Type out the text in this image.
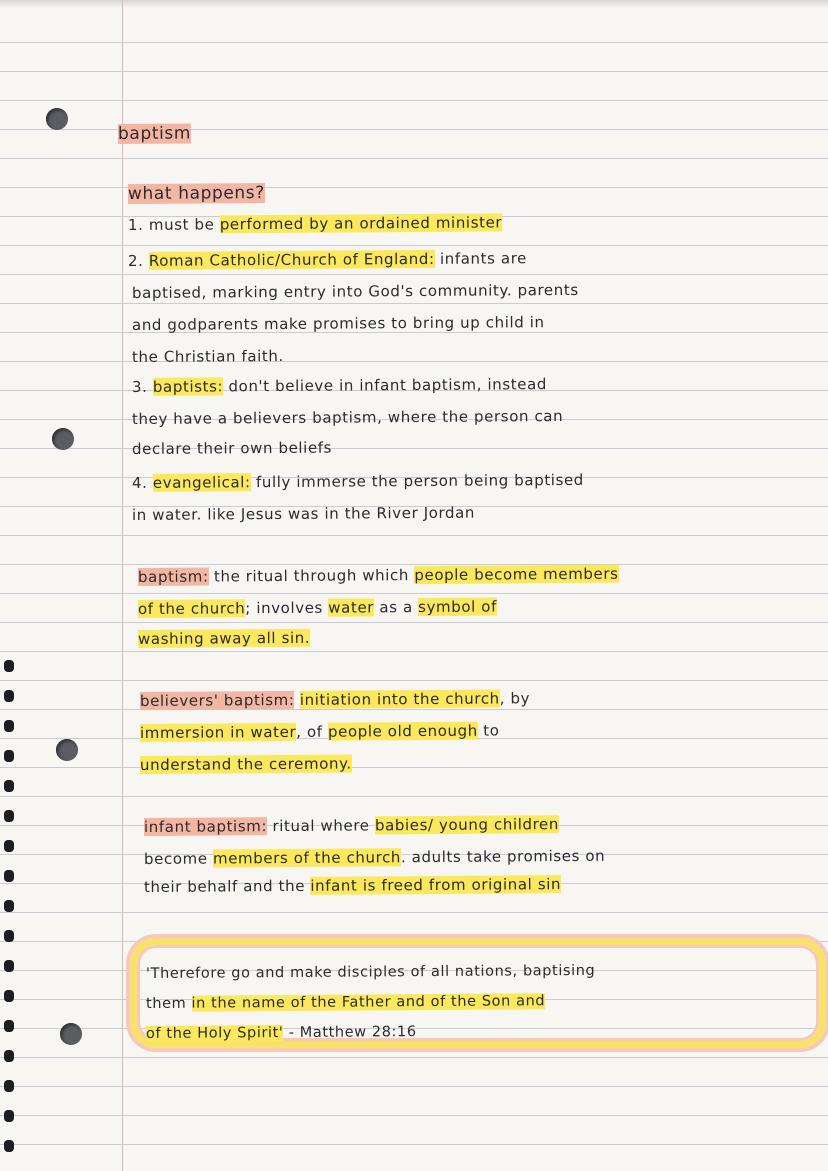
baptism
what happens?
1. must be performed by an ordained minister
2. Roman Catholic/Church of England: infants are
baptised, marking entry into God's community. parents
and godparents make promises to bring up child in
the Christian faith.
3. baptists: don't believe in infant baptism, instead
they have a believers baptism, where the person can
declare their own beliefs
4. evangelical: fully immerse the person being baptised
in water. like Jesus was in the River Jordan
baptism: the ritual through which people become members
of the church; involves water as a symbol of
washing away all sin.
believers' baptism: initiation into the church, by
immersion in water, of people old enough to
understand the ceremony.
infant baptism: ritual where babies/ young children
become members of the church. adults take promises on
their behalf and the infant is freed from original sin
'Therefore go and make disciples of all nations, baptising
them in the name of the Father and of the Son and
of the Holy Spirit' - Matthew 28:16
